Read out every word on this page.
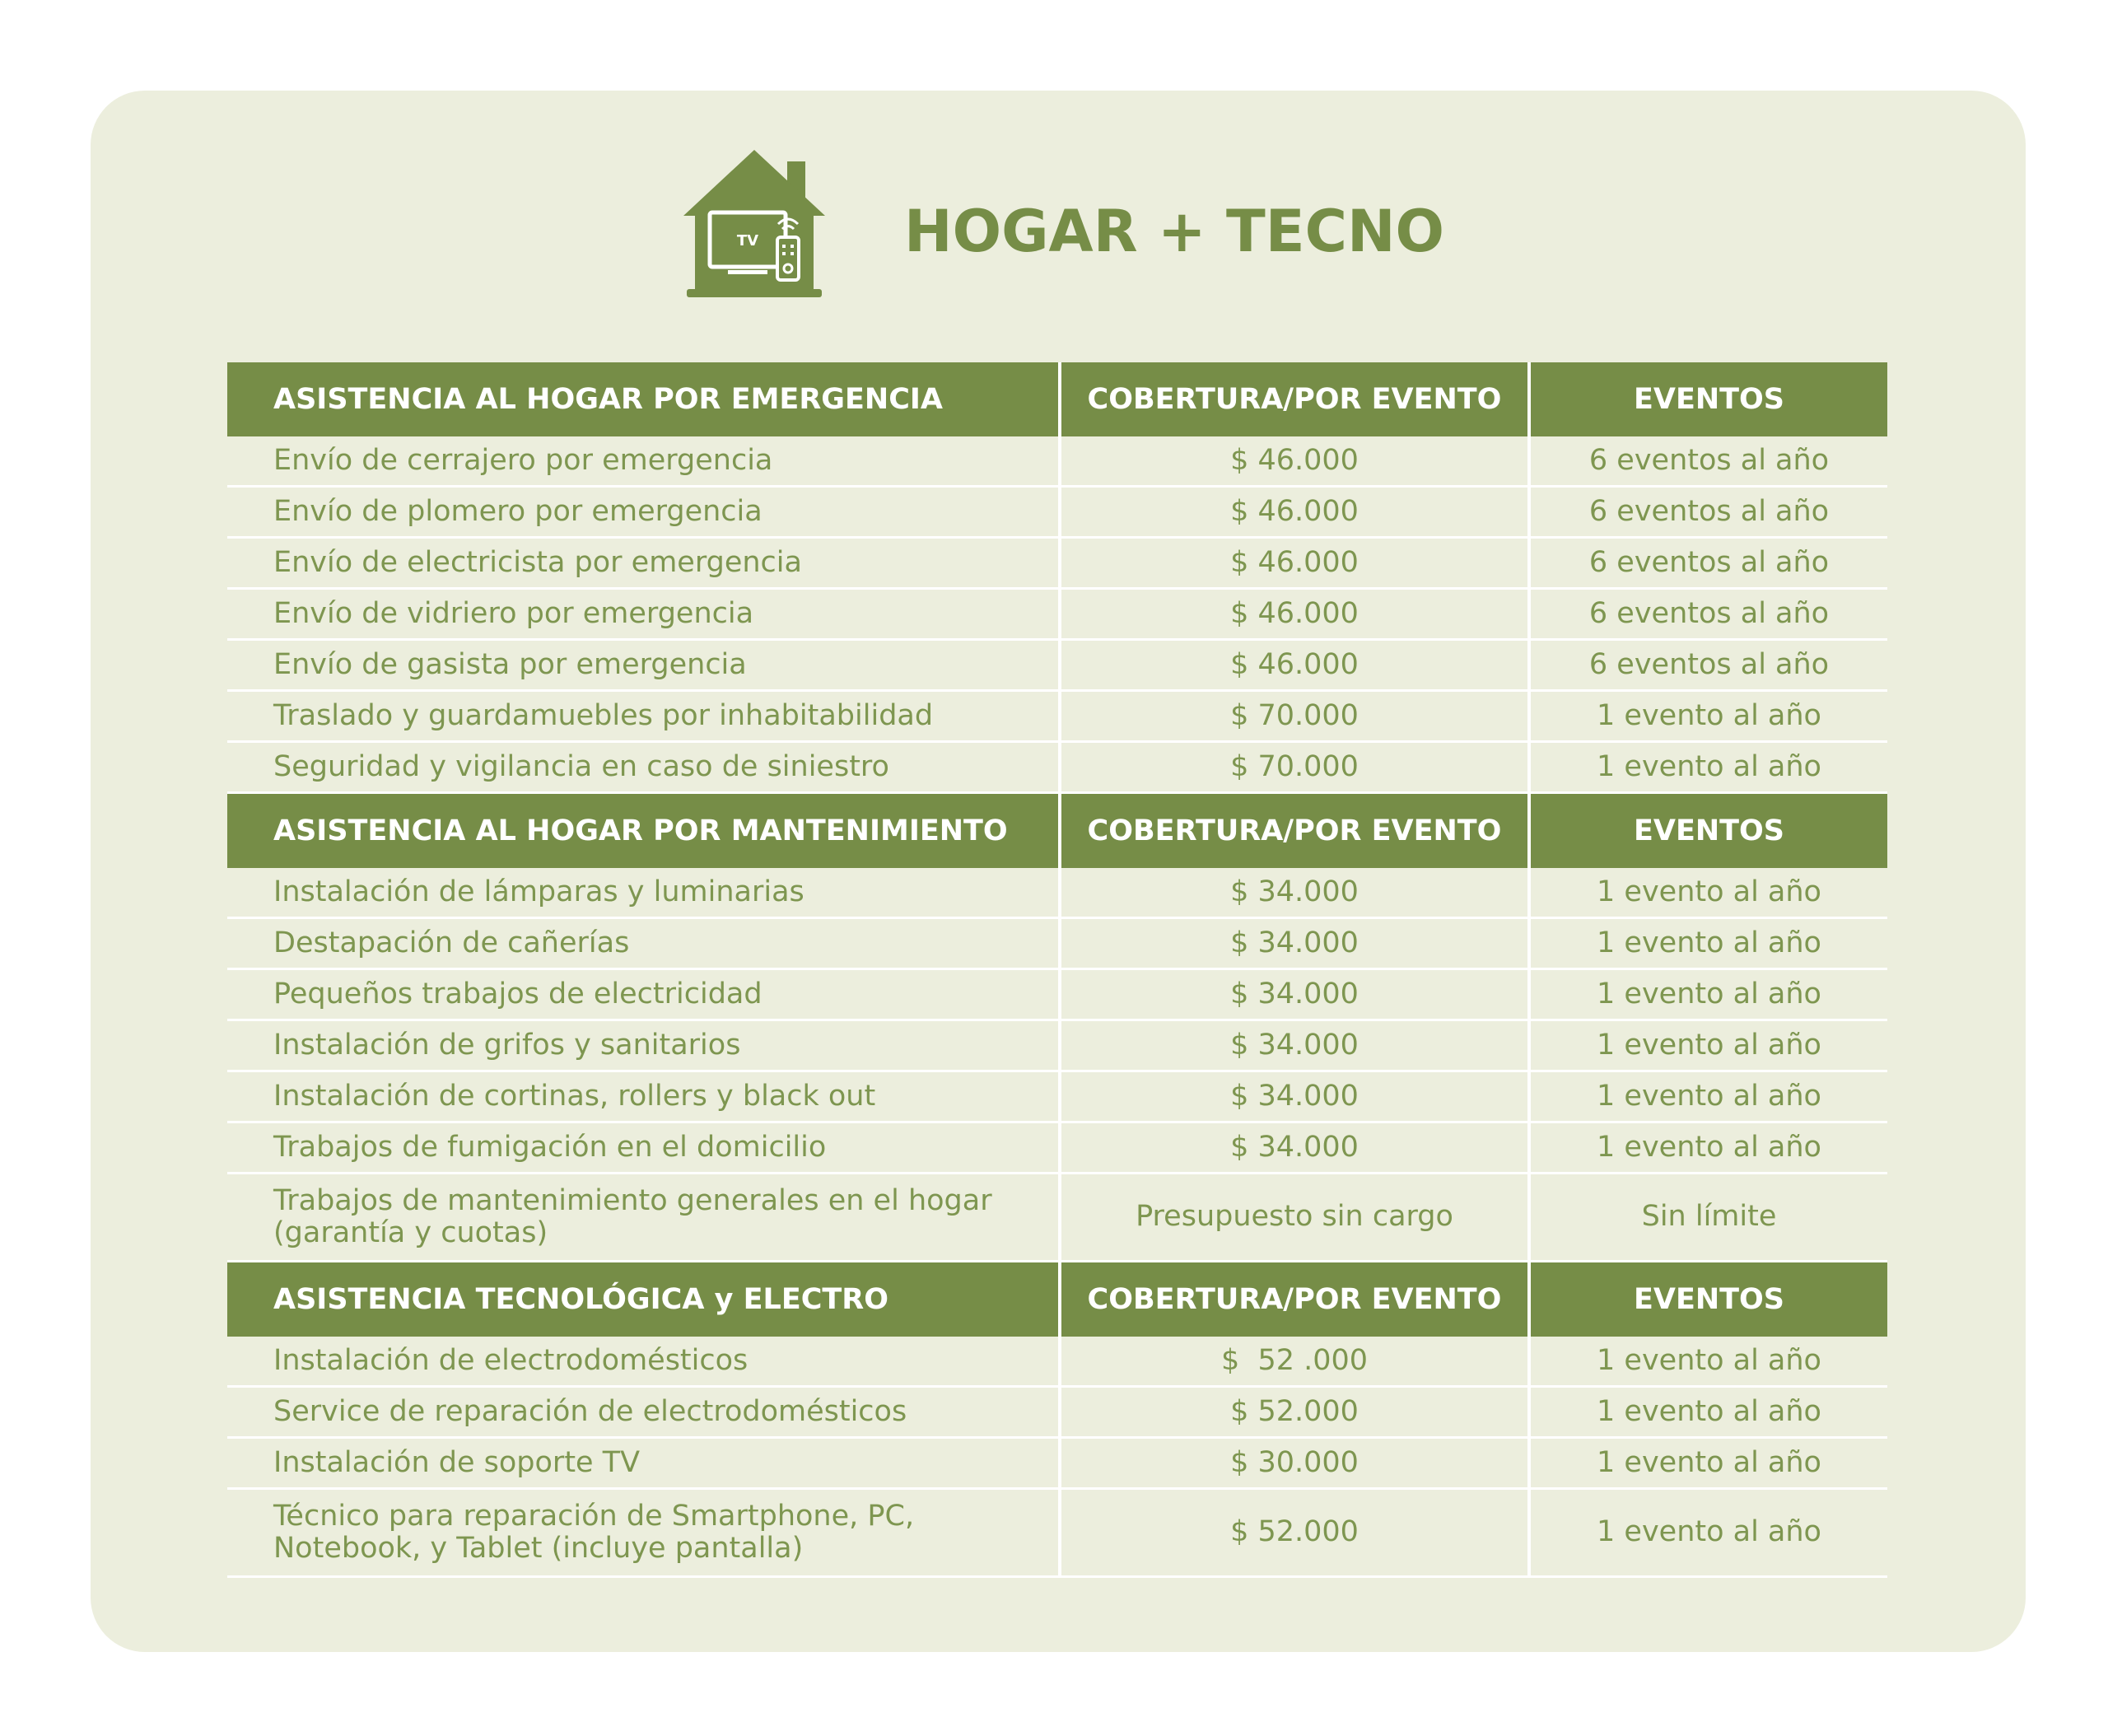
TV	HOGAR + TECNO
ASISTENCIA AL HOGAR POR EMERGENCIA	COBERTURA/POR EVENTO	EVENTOS
Envío de cerrajero por emergencia	$ 46.000	6 eventos al año
Envío de plomero por emergencia	$ 46.000	6 eventos al año
Envío de electricista por emergencia	$ 46.000	6 eventos al año
Envío de vidriero por emergencia	$ 46.000	6 eventos al año
Envío de gasista por emergencia	$ 46.000	6 eventos al año
Traslado y guardamuebles por inhabitabilidad	$ 70.000	1 evento al año
Seguridad y vigilancia en caso de siniestro	$ 70.000	1 evento al año
ASISTENCIA AL HOGAR POR MANTENIMIENTO	COBERTURA/POR EVENTO	EVENTOS
Instalación de lámparas y luminarias	$ 34.000	1 evento al año
Destapación de cañerías	$ 34.000	1 evento al año
Pequeños trabajos de electricidad	$ 34.000	1 evento al año
Instalación de grifos y sanitarios	$ 34.000	1 evento al año
Instalación de cortinas, rollers y black out	$ 34.000	1 evento al año
Trabajos de fumigación en el domicilio	$ 34.000	1 evento al año
Trabajos de mantenimiento generales en el hogar (garantía y cuotas)	Presupuesto sin cargo	Sin límite
ASISTENCIA TECNOLÓGICA y ELECTRO	COBERTURA/POR EVENTO	EVENTOS
Instalación de electrodomésticos	$  52 .000	1 evento al año
Service de reparación de electrodomésticos	$ 52.000	1 evento al año
Instalación de soporte TV	$ 30.000	1 evento al año
Técnico para reparación de Smartphone, PC, Notebook, y Tablet (incluye pantalla)	$ 52.000	1 evento al año
